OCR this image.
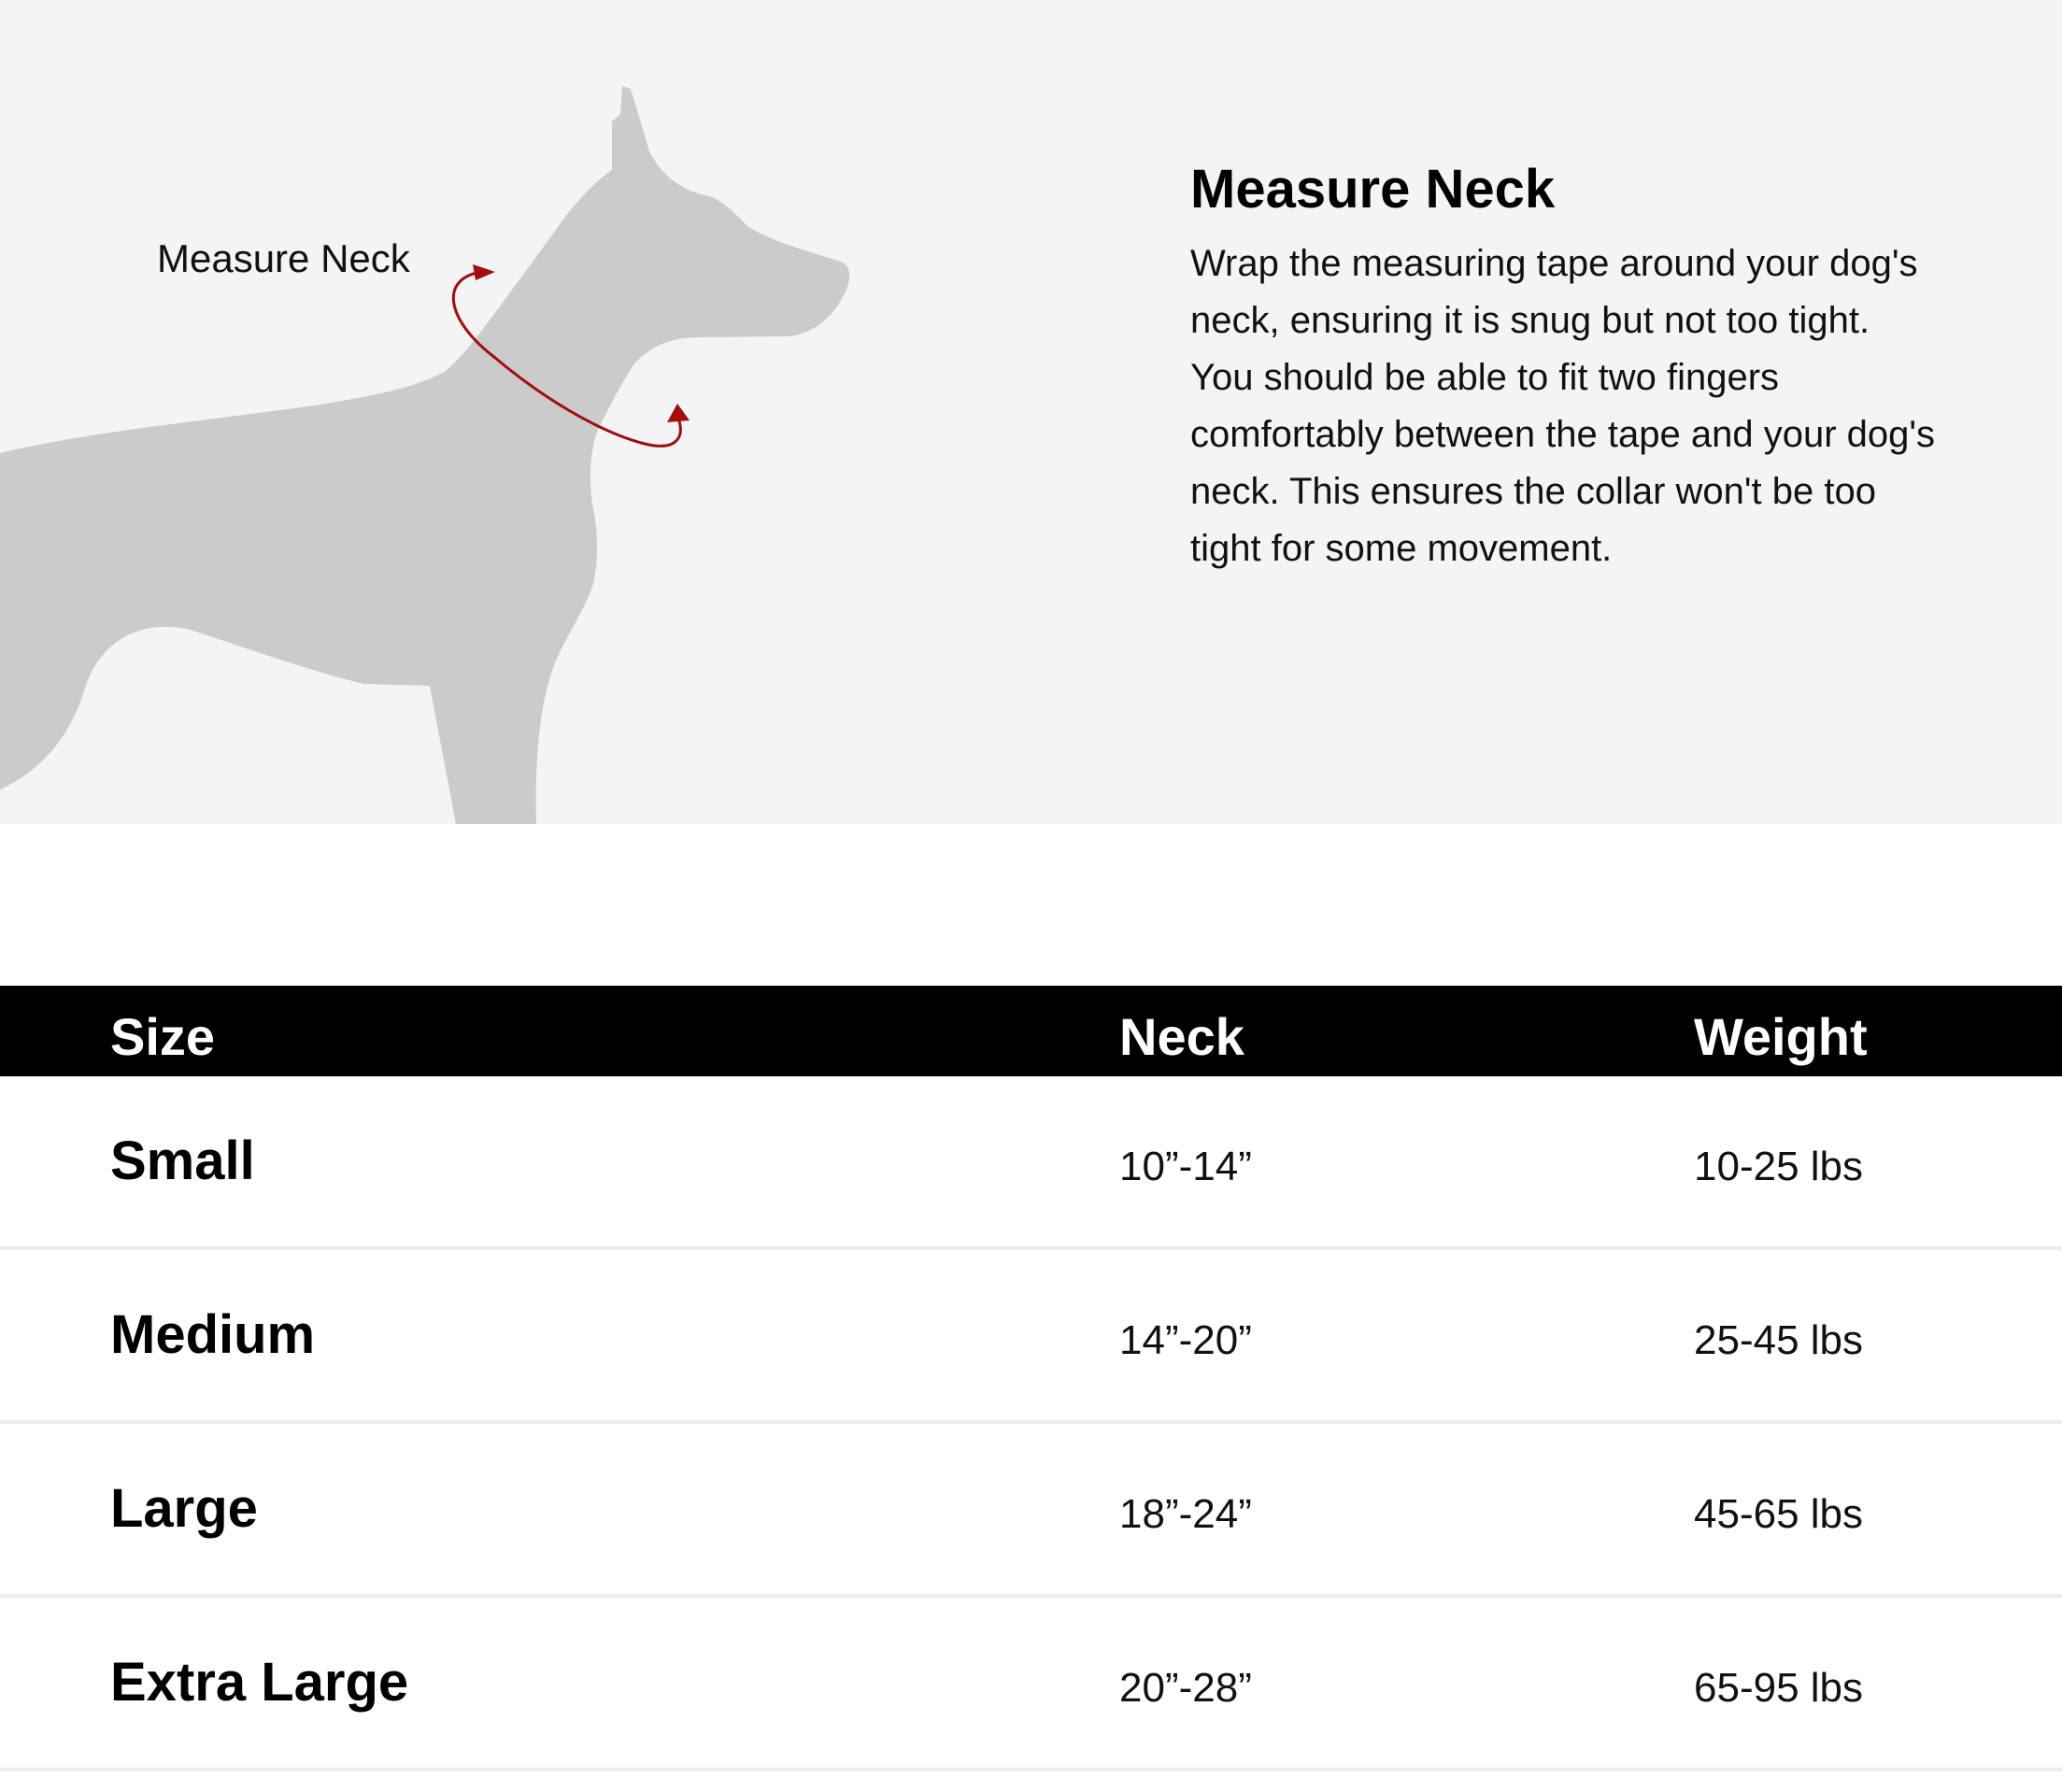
Measure Neck
Measure Neck

Wrap the measuring tape around your dog's neck, ensuring it is snug but not too tight. You should be able to fit two fingers comfortably between the tape and your dog's neck. This ensures the collar won't be too tight for some movement.

Size	Neck	Weight
Small	10”-14”	10-25 lbs
Medium	14”-20”	25-45 lbs
Large	18”-24”	45-65 lbs
Extra Large	20”-28”	65-95 lbs
